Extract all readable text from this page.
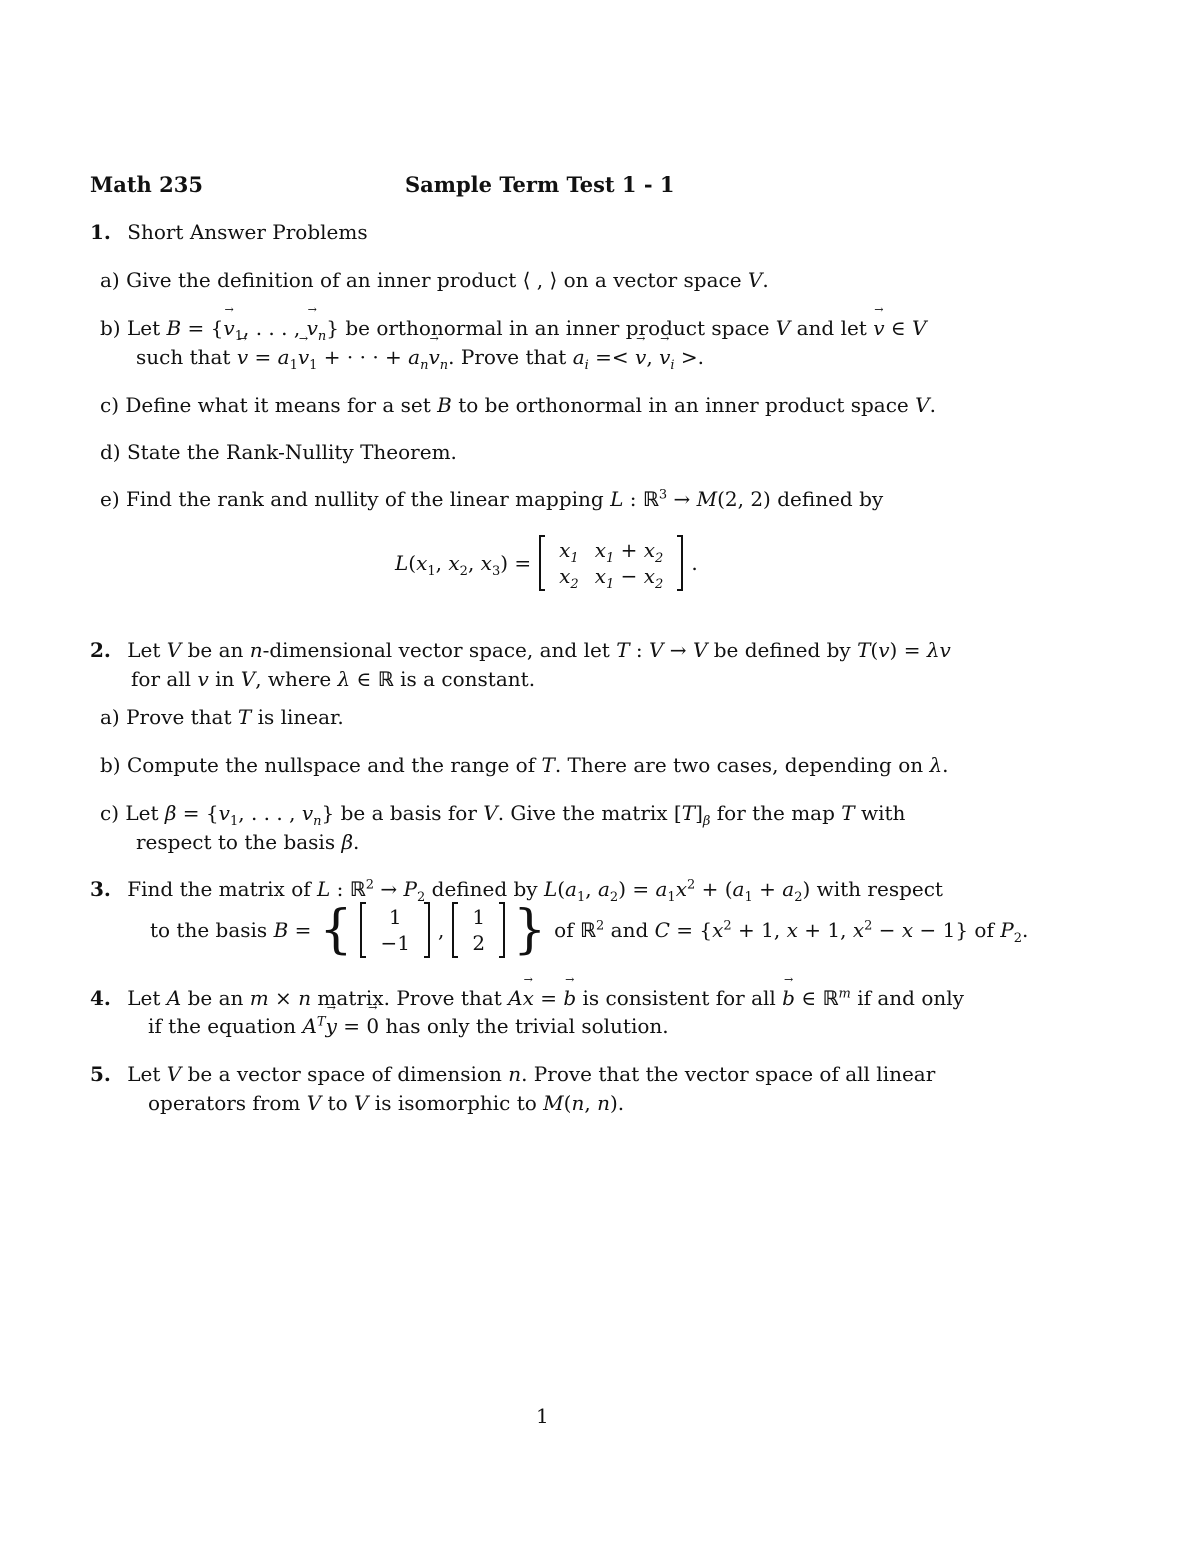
Math 235	Sample Term Test 1 - 1
1. Short Answer Problems
a) Give the definition of an inner product ⟨ , ⟩ on a vector space V.
b) Let B = {→ $v_1$, . . . , → $v_n$} be orthonormal in an inner product space V and let → v ∈ V
such that → $v = a_1\to v_1$ + · · · + $a_n\to v_n$. Prove that $a_i$ =< → v, → $v_i$ >.
c) Define what it means for a set B to be orthonormal in an inner product space V.
d) State the Rank-Nullity Theorem.
e) Find the rank and nullity of the linear mapping L : ℝ$^3$ → M(2, 2) defined by
$L(x_1$, $x_2$, $x_3$) =
$x_1$	$x_1 + x_2$
$x_2$	$x_1 - x_2$
.
2. Let V be an n-dimensional vector space, and let T : V → V be defined by T(v) = λv
for all v in V, where λ ∈ ℝ is a constant.
a) Prove that T is linear.
b) Compute the nullspace and the range of T. There are two cases, depending on λ.
c) Let $\beta = \{v_1$, . . . , $v_n$} be a basis for V. Give the matrix $[T]_\beta$ for the map T with
respect to the basis β.
3. Find the matrix of L : ℝ$^2$ → $P_2$ defined by $L(a_1$, $a_2) = a_1x^2 + (a_1 + a_2)$ with respect
to the basis B = { 1
−1
,
1
2 } of ℝ$^2$ and $C = \{x^2 + 1$, x + 1, $x^2 - x - 1$} of $P_2$.
4. Let A be an m × n matrix. Prove that A→ x = → b is consistent for all → b ∈ ℝ$^m$ if and only
if the equation $A^T\to y$ = → 0 has only the trivial solution.
5. Let V be a vector space of dimension n. Prove that the vector space of all linear
operators from V to V is isomorphic to M(n, n).
1
